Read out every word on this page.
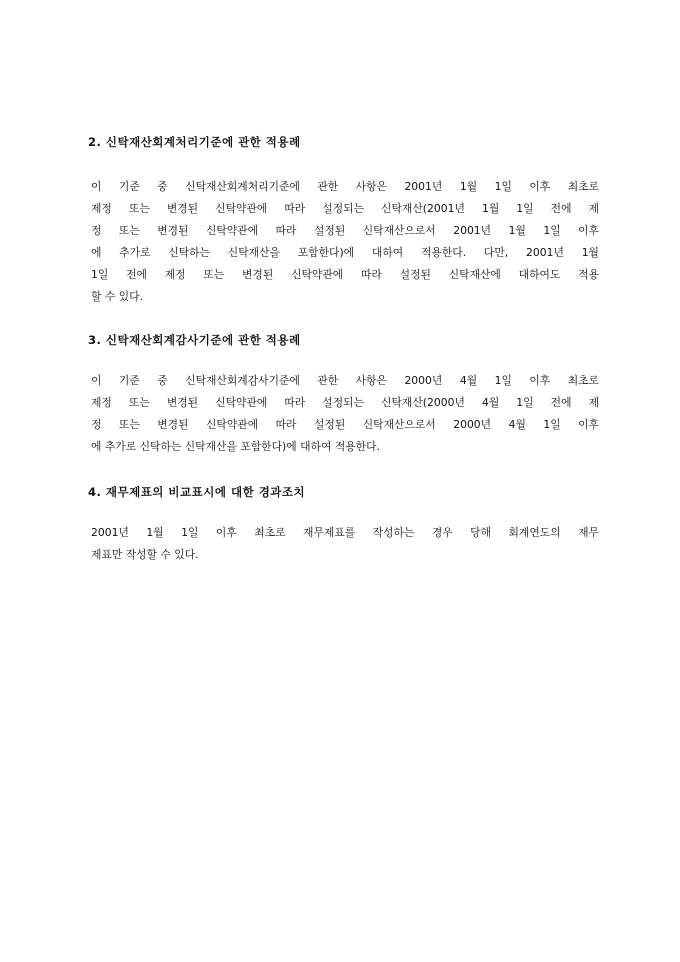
2. 신탁재산회계처리기준에 관한 적용례
이 기준 중 신탁재산회계처리기준에 관한 사항은 2001년 1월 1일 이후 최초로
제정 또는 변경된 신탁약관에 따라 설정되는 신탁재산(2001년 1월 1일 전에 제
정 또는 변경된 신탁약관에 따라 설정된 신탁재산으로서 2001년 1월 1일 이후
에 추가로 신탁하는 신탁재산을 포함한다)에 대하여 적용한다. 다만, 2001년 1월
1일 전에 제정 또는 변경된 신탁약관에 따라 설정된 신탁재산에 대하여도 적용
할 수 있다.
3. 신탁재산회계감사기준에 관한 적용례
이 기준 중 신탁재산회계감사기준에 관한 사항은 2000년 4월 1일 이후 최초로
제정 또는 변경된 신탁약관에 따라 설정되는 신탁재산(2000년 4월 1일 전에 제
정 또는 변경된 신탁약관에 따라 설정된 신탁재산으로서 2000년 4월 1일 이후
에 추가로 신탁하는 신탁재산을 포함한다)에 대하여 적용한다.
4. 재무제표의 비교표시에 대한 경과조치
2001년 1월 1일 이후 최초로 재무제표를 작성하는 경우 당해 회계연도의 재무
제표만 작성할 수 있다.
